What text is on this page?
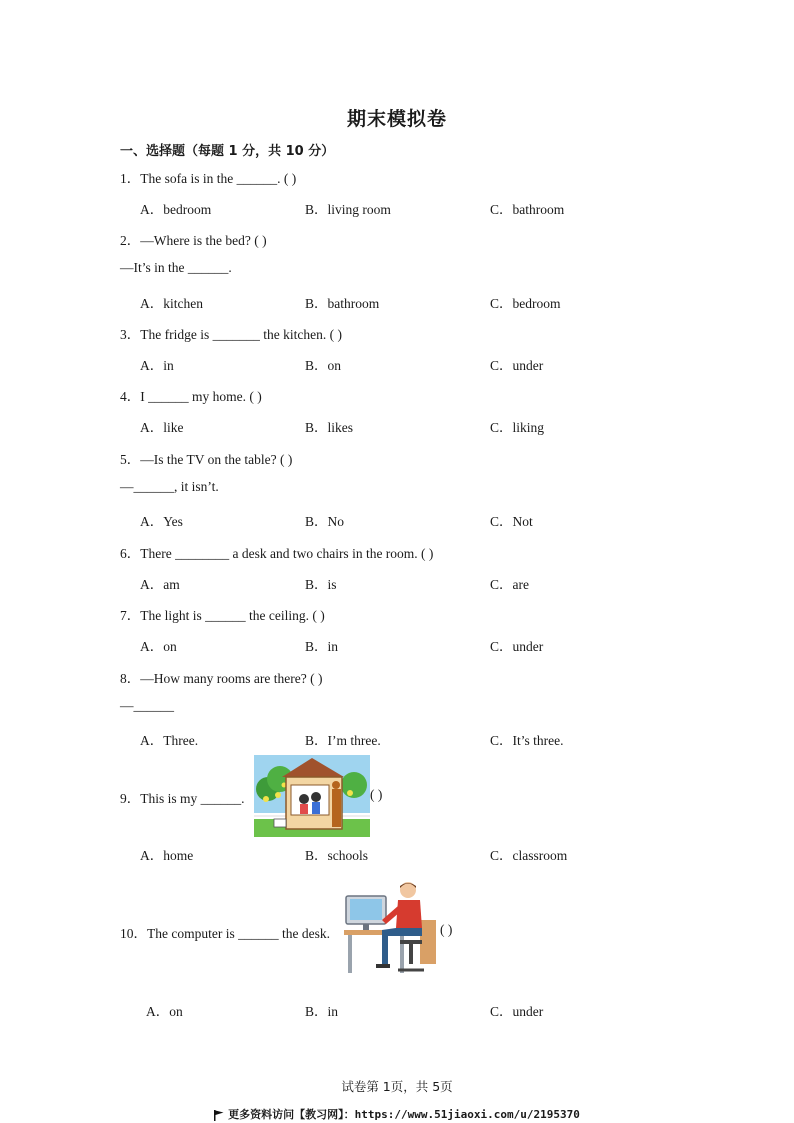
期末模拟卷
一、选择题（每题 1 分，共 10 分）
1．The sofa is in the ______. ( )
A．bedroom	B．living room	C．bathroom
2．—Where is the bed? ( )
—It’s in the ______.
A．kitchen	B．bathroom	C．bedroom
3．The fridge is _______ the kitchen. ( )
A．in	B．on	C．under
4．I ______ my home. ( )
A．like	B．likes	C．liking
5．—Is the TV on the table? ( )
—______, it isn’t.
A．Yes	B．No	C．Not
6．There ________ a desk and two chairs in the room. ( )
A．am	B．is	C．are
7．The light is ______ the ceiling. ( )
A．on	B．in	C．under
8．—How many rooms are there? ( )
—______
A．Three.	B．I’m three.	C．It’s three.
9．This is my ______.	( )
A．home	B．schools	C．classroom
10．The computer is ______ the desk.	( )
A．on	B．in	C．under
试卷第 1页，共 5页
更多资料访问【教习网】：https://www.51jiaoxi.com/u/2195370
